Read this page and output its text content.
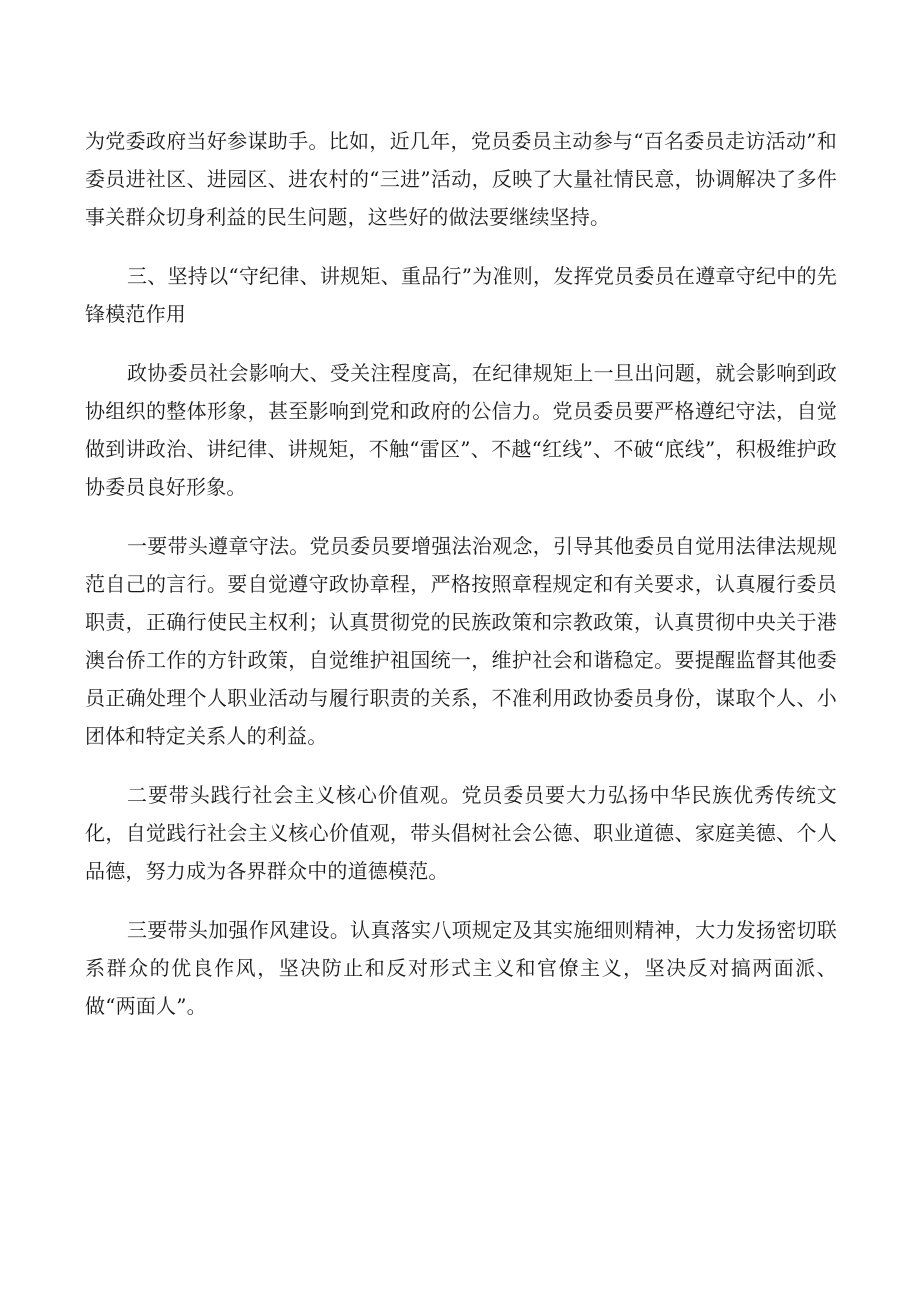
为党委政府当好参谋助手。比如，近几年，党员委员主动参与“百名委员走访活动”和委员进社区、进园区、进农村的“三进”活动，反映了大量社情民意，协调解决了多件事关群众切身利益的民生问题，这些好的做法要继续坚持。

三、坚持以“守纪律、讲规矩、重品行”为准则，发挥党员委员在遵章守纪中的先锋模范作用

政协委员社会影响大、受关注程度高，在纪律规矩上一旦出问题，就会影响到政协组织的整体形象，甚至影响到党和政府的公信力。党员委员要严格遵纪守法，自觉做到讲政治、讲纪律、讲规矩，不触“雷区”、不越“红线”、不破“底线”，积极维护政协委员良好形象。

一要带头遵章守法。党员委员要增强法治观念，引导其他委员自觉用法律法规规范自己的言行。要自觉遵守政协章程，严格按照章程规定和有关要求，认真履行委员职责，正确行使民主权利；认真贯彻党的民族政策和宗教政策，认真贯彻中央关于港澳台侨工作的方针政策，自觉维护祖国统一，维护社会和谐稳定。要提醒监督其他委员正确处理个人职业活动与履行职责的关系，不准利用政协委员身份，谋取个人、小团体和特定关系人的利益。

二要带头践行社会主义核心价值观。党员委员要大力弘扬中华民族优秀传统文化，自觉践行社会主义核心价值观，带头倡树社会公德、职业道德、家庭美德、个人品德，努力成为各界群众中的道德模范。

三要带头加强作风建设。认真落实八项规定及其实施细则精神，大力发扬密切联系群众的优良作风，坚决防止和反对形式主义和官僚主义，坚决反对搞两面派、做“两面人”。
